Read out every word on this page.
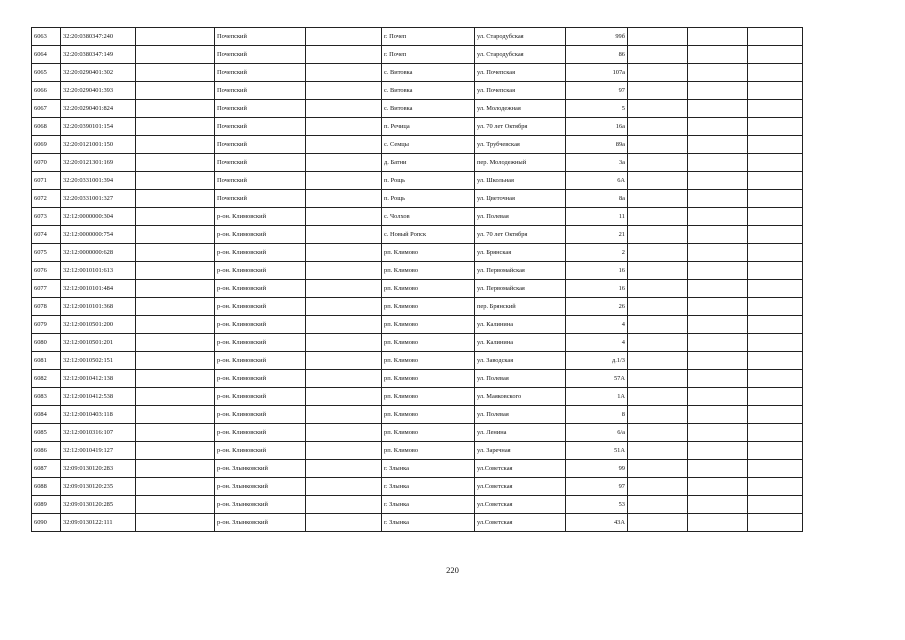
6063	32:20:0380347:240		Почепский		г. Почеп	ул. Стародубская	99б			
6064	32:20:0380347:149		Почепский		г. Почеп	ул. Стародубская	86			
6065	32:20:0290401:302		Почепский		с. Витовка	ул. Почепская	107а			
6066	32:20:0290401:393		Почепский		с. Витовка	ул. Почепская	97			
6067	32:20:0290401:824		Почепский		с. Витовка	ул. Молодежная	5			
6068	32:20:0390101:154		Почепский		п. Речица	ул. 70 лет Октября	16а			
6069	32:20:0121001:150		Почепский		с. Семцы	ул. Трубчевская	89а			
6070	32:20:0121301:169		Почепский		д. Батни	пер. Молодежный	3а			
6071	32:20:0331001:394		Почепский		п. Рощь	ул. Школьная	6А			
6072	32:20:0331001:327		Почепский		п. Рощь	ул. Цветочная	8а			
6073	32:12:0000000:304		р-он. Климовский		с. Чолхов	ул. Полевая	11			
6074	32:12:0000000:754		р-он. Климовский		с. Новый Ропск	ул. 70 лет Октября	21			
6075	32:12:0000000:628		р-он. Климовский		рп. Климово	ул. Брянская	2			
6076	32:12:0010101:613		р-он. Климовский		рп. Климово	ул. Первомайская	16			
6077	32:12:0010101:484		р-он. Климовский		рп. Климово	ул. Первомайская	16			
6078	32:12:0010101:368		р-он. Климовский		рп. Климово	пер. Брянский	26			
6079	32:12:0010501:200		р-он. Климовский		рп. Климово	ул. Калинина	4			
6080	32:12:0010501:201		р-он. Климовский		рп. Климово	ул. Калинина	4			
6081	32:12:0010502:151		р-он. Климовский		рп. Климово	ул. Заводская	д.1/3			
6082	32:12:0010412:138		р-он. Климовский		рп. Климово	ул. Полевая	57А			
6083	32:12:0010412:538		р-он. Климовский		рп. Климово	ул. Маяковского	1А			
6084	32:12:0010403:118		р-он. Климовский		рп. Климово	ул. Полевая	8			
6085	32:12:0010316:107		р-он. Климовский		рп. Климово	ул. Ленина	6/а			
6086	32:12:0010419:127		р-он. Климовский		рп. Климово	ул. Заречная	51А			
6087	32:09:0130120:283		р-он. Злынковский		г. Злынка	ул.Советская	99			
6088	32:09:0130120:235		р-он. Злынковский		г. Злынка	ул.Советская	97			
6089	32:09:0130120:285		р-он. Злынковский		г. Злынка	ул.Советская	53			
6090	32:09:0130122:111		р-он. Злынковский		г. Злынка	ул.Советская	43А			
220
